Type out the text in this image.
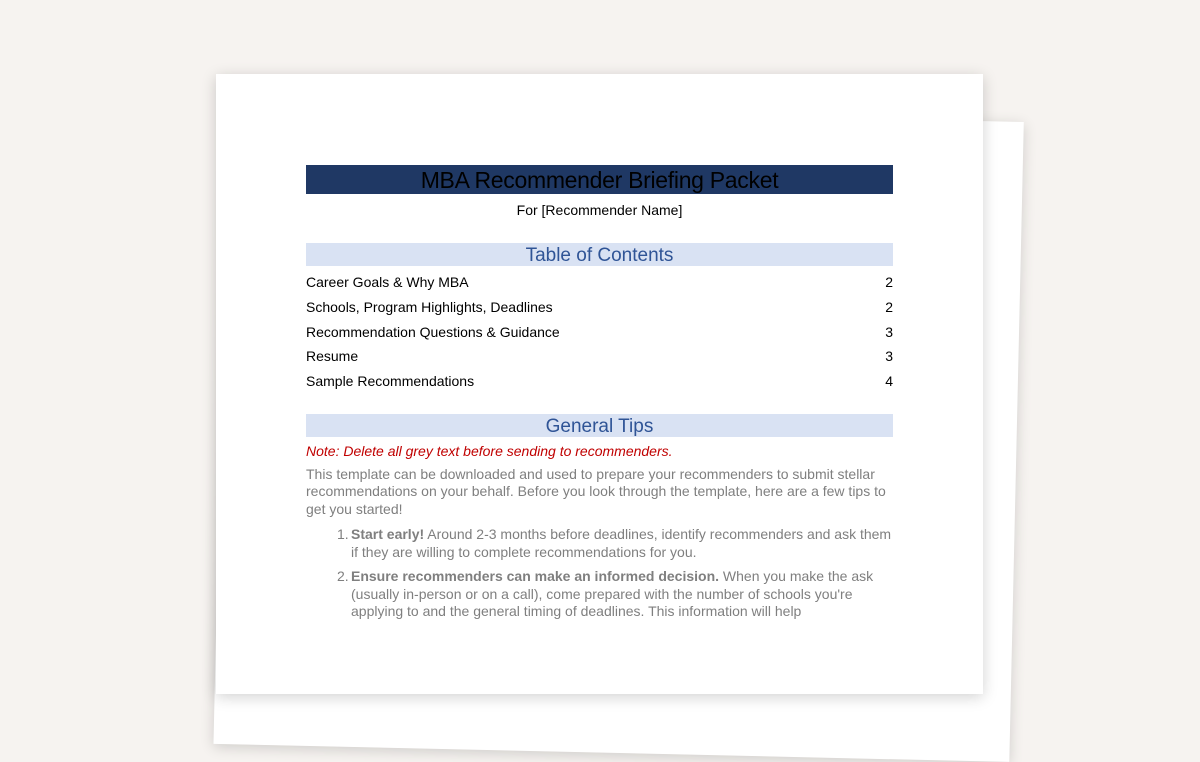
MBA Recommender Briefing Packet
For [Recommender Name]
Table of Contents
Career Goals & Why MBA	2
Schools, Program Highlights, Deadlines	2
Recommendation Questions & Guidance	3
Resume	3
Sample Recommendations	4
General Tips
Note: Delete all grey text before sending to recommenders.
This template can be downloaded and used to prepare your recommenders to submit stellar recommendations on your behalf. Before you look through the template, here are a few tips to get you started!
1. Start early! Around 2-3 months before deadlines, identify recommenders and ask them if they are willing to complete recommendations for you.
2. Ensure recommenders can make an informed decision. When you make the ask (usually in-person or on a call), come prepared with the number of schools you're applying to and the general timing of deadlines. This information will help
